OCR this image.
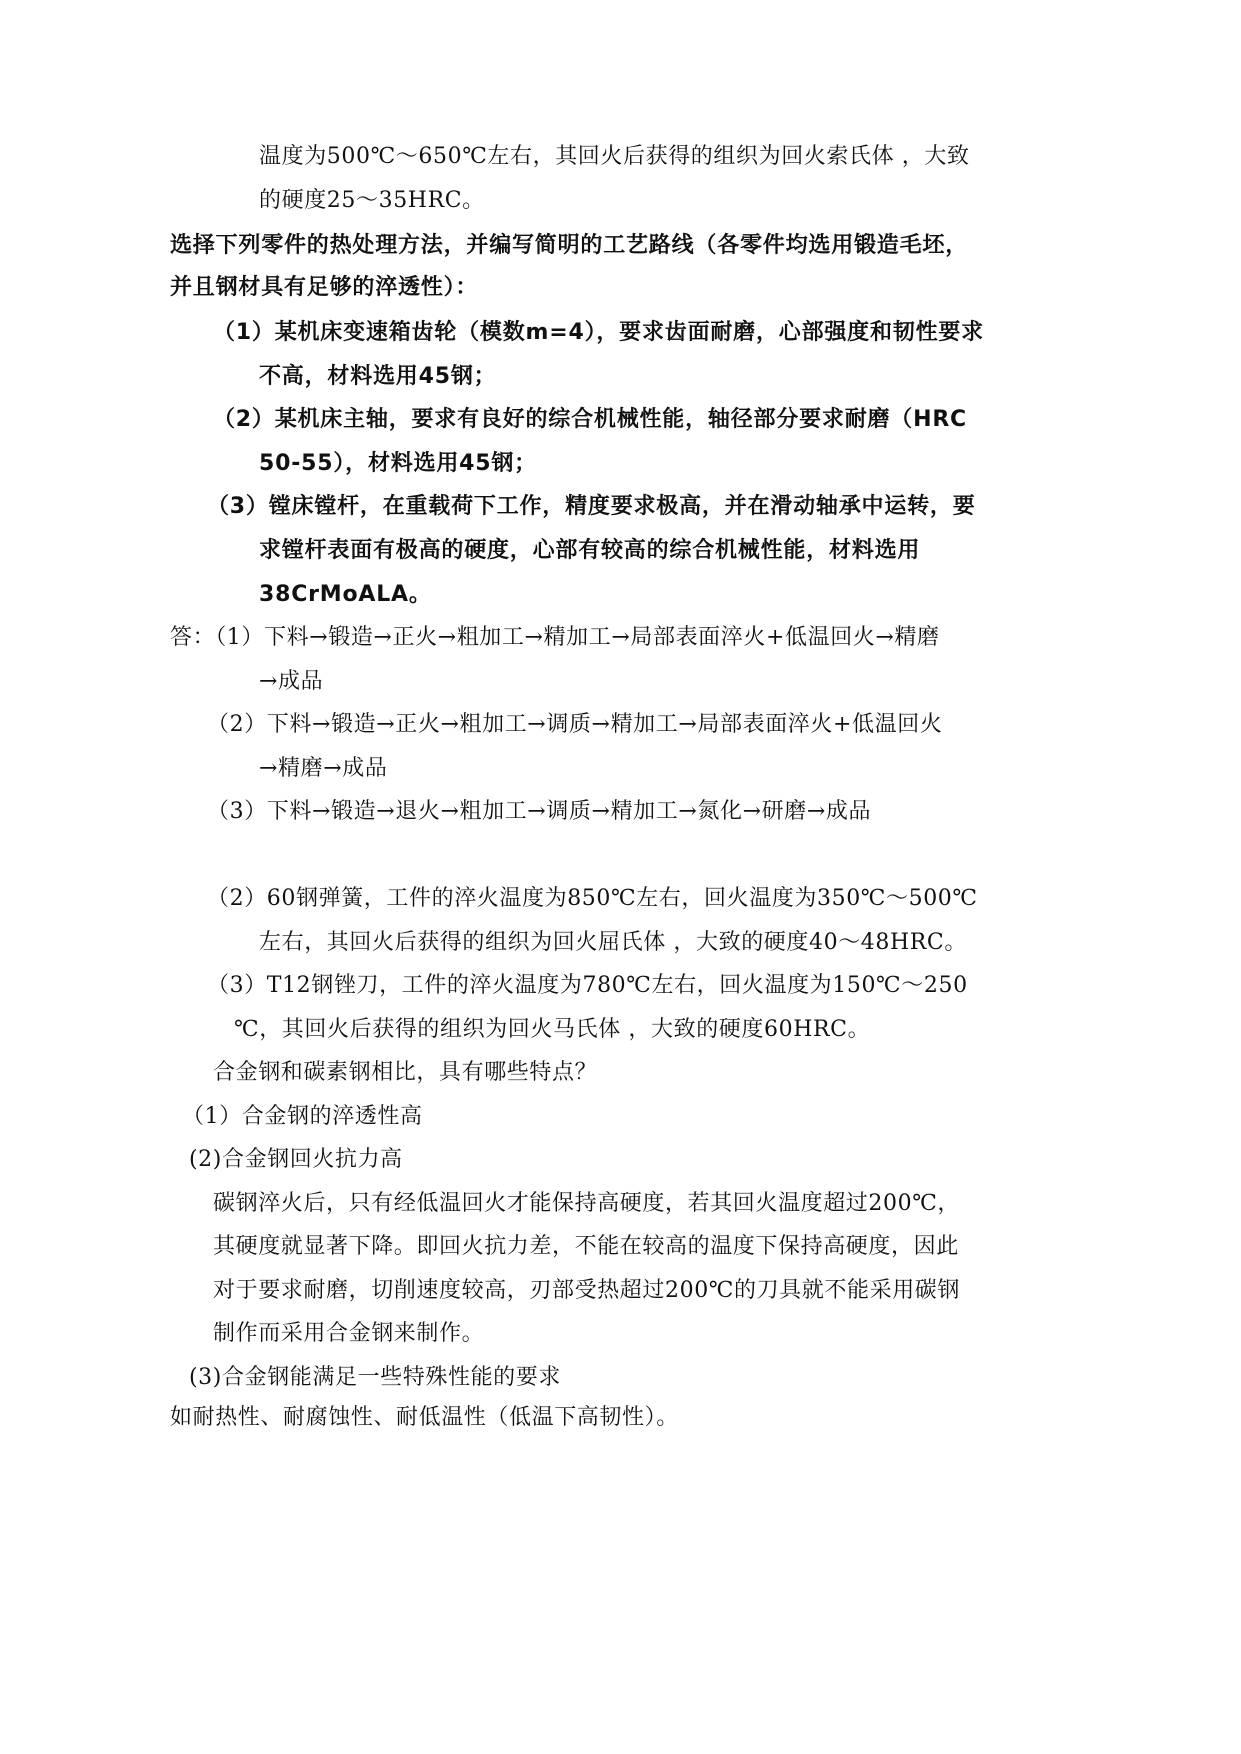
温度为500℃～650℃左右，其回火后获得的组织为回火索氏体 ，大致
的硬度25～35HRC。
选择下列零件的热处理方法，并编写简明的工艺路线（各零件均选用锻造毛坯，
并且钢材具有足够的淬透性）：
（1）某机床变速箱齿轮（模数m=4），要求齿面耐磨，心部强度和韧性要求
不高，材料选用45钢；
（2）某机床主轴，要求有良好的综合机械性能，轴径部分要求耐磨（HRC
50-55），材料选用45钢；
（3）镗床镗杆，在重载荷下工作，精度要求极高，并在滑动轴承中运转，要
求镗杆表面有极高的硬度，心部有较高的综合机械性能，材料选用
38CrMoALA。
答：（1）下料→锻造→正火→粗加工→精加工→局部表面淬火+低温回火→精磨
→成品
（2）下料→锻造→正火→粗加工→调质→精加工→局部表面淬火+低温回火
→精磨→成品
（3）下料→锻造→退火→粗加工→调质→精加工→氮化→研磨→成品
（2）60钢弹簧，工件的淬火温度为850℃左右，回火温度为350℃～500℃
左右，其回火后获得的组织为回火屈氏体 ，大致的硬度40～48HRC。
（3）T12钢锉刀，工件的淬火温度为780℃左右，回火温度为150℃～250
℃，其回火后获得的组织为回火马氏体 ，大致的硬度60HRC。
合金钢和碳素钢相比，具有哪些特点？
（1）合金钢的淬透性高
(2)合金钢回火抗力高
碳钢淬火后，只有经低温回火才能保持高硬度，若其回火温度超过200℃，
其硬度就显著下降。即回火抗力差，不能在较高的温度下保持高硬度，因此
对于要求耐磨，切削速度较高，刃部受热超过200℃的刀具就不能采用碳钢
制作而采用合金钢来制作。
(3)合金钢能满足一些特殊性能的要求
如耐热性、耐腐蚀性、耐低温性（低温下高韧性）。
